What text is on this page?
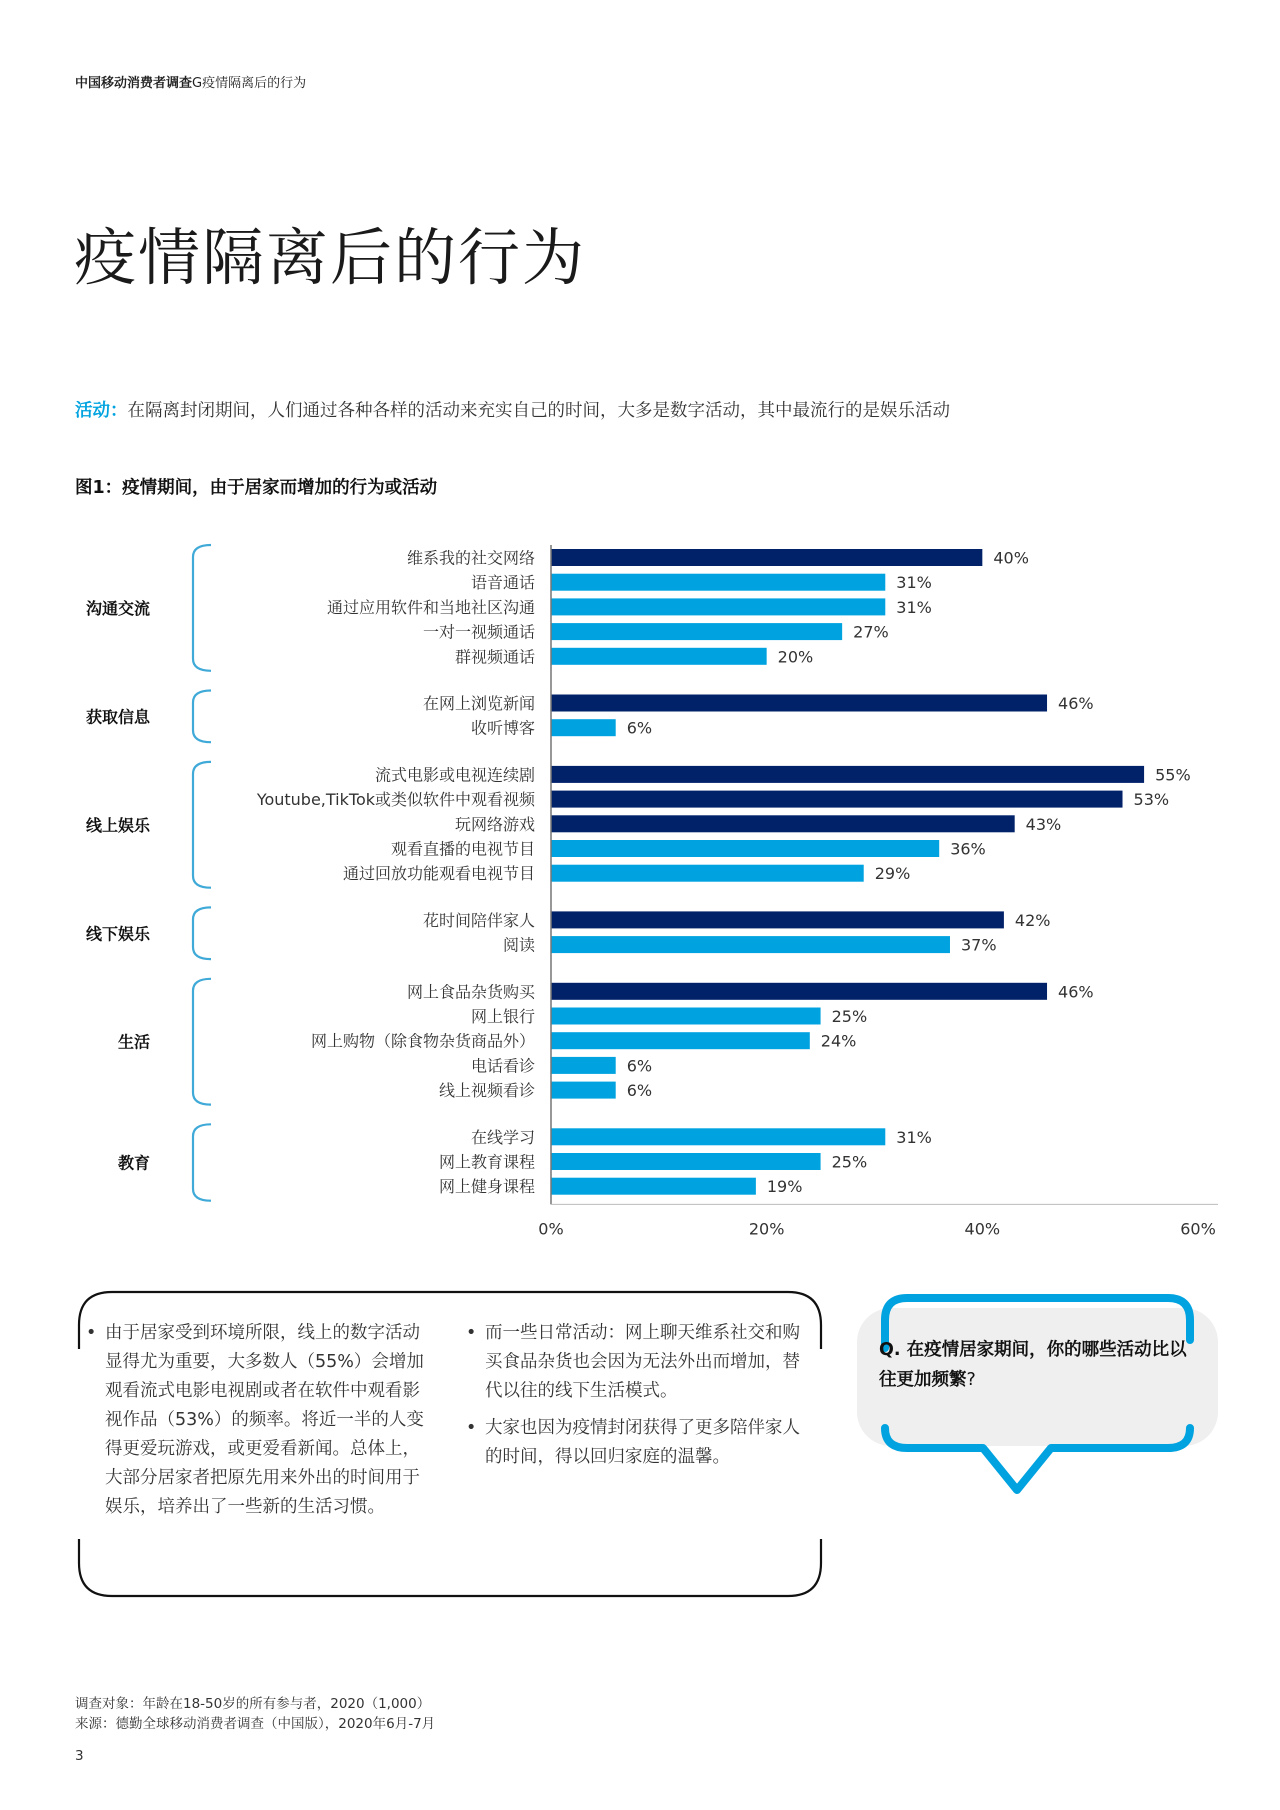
中国移动消费者调查G疫情隔离后的行为
疫情隔离后的行为
活动：在隔离封闭期间，人们通过各种各样的活动来充实自己的时间，大多是数字活动，其中最流行的是娱乐活动
图1：疫情期间，由于居家而增加的行为或活动
维系我的社交网络	40%
语音通话	31%
通过应用软件和当地社区沟通	31%
一对一视频通话	27%
群视频通话	20%
沟通交流
在网上浏览新闻	46%
收听博客	6%
获取信息
流式电影或电视连续剧	55%
Youtube,TikTok或类似软件中观看视频	53%
玩网络游戏	43%
观看直播的电视节目	36%
通过回放功能观看电视节目	29%
线上娱乐
花时间陪伴家人	42%
阅读	37%
线下娱乐
网上食品杂货购买	46%
网上银行	25%
网上购物（除食物杂货商品外）	24%
电话看诊	6%
线上视频看诊	6%
生活
在线学习	31%
网上教育课程	25%
网上健身课程	19%
教育
0%	20%	40%	60%
• 由于居家受到环境所限，线上的数字活动显得尤为重要，大多数人（55%）会增加观看流式电影电视剧或者在软件中观看影视作品（53%）的频率。将近一半的人变得更爱玩游戏，或更爱看新闻。总体上，大部分居家者把原先用来外出的时间用于娱乐，培养出了一些新的生活习惯。
• 而一些日常活动：网上聊天维系社交和购买食品杂货也会因为无法外出而增加，替代以往的线下生活模式。
• 大家也因为疫情封闭获得了更多陪伴家人的时间，得以回归家庭的温馨。
Q. 在疫情居家期间，你的哪些活动比以往更加频繁?
调查对象：年龄在18-50岁的所有参与者，2020（1,000）
来源：德勤全球移动消费者调查（中国版），2020年6月-7月
3
